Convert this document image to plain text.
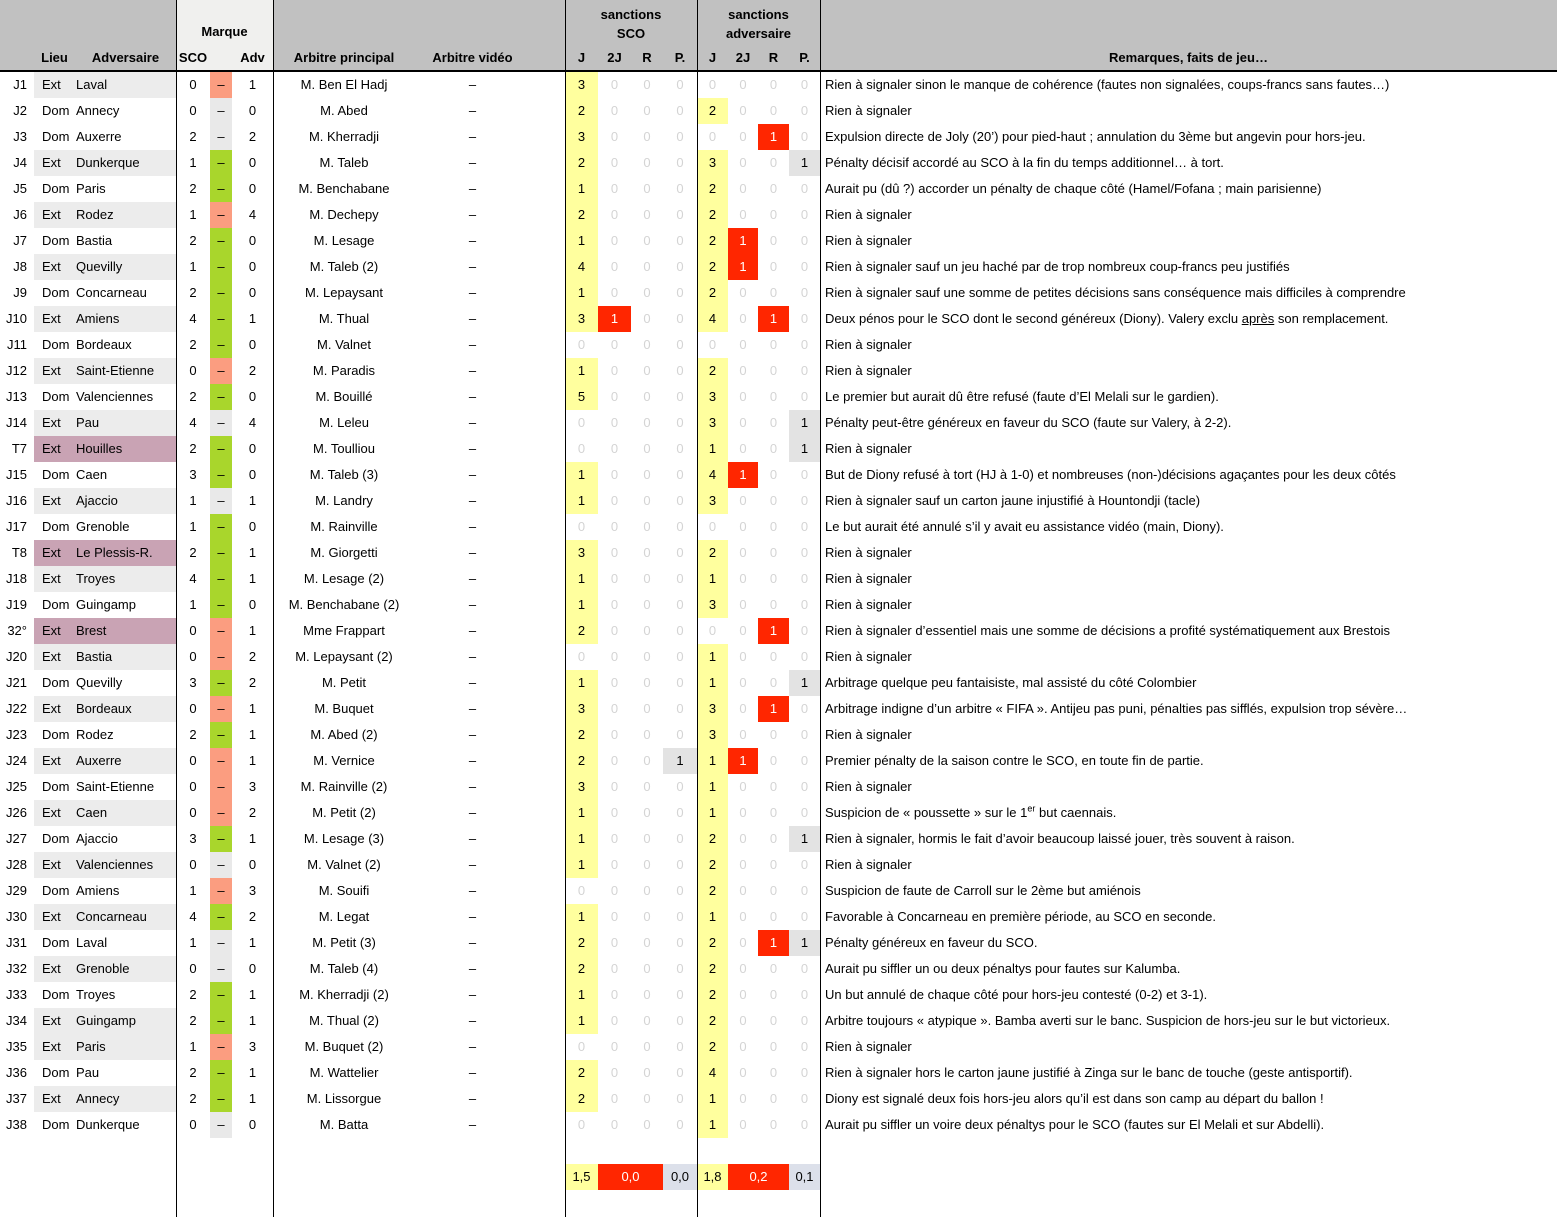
Marque
Lieu	Adversaire	SCO	Adv	Arbitre principal	Arbitre vidéo
sanctions
SCO
sanctions
adversaire
J	2J	R	P.	J	2J	R	P.	Remarques, faits de jeu…
J1	Ext	Laval	0	–	1	M. Ben El Hadj	–	3	0	0	0	0	0	0	0	Rien à signaler sinon le manque de cohérence (fautes non signalées, coups-francs sans fautes…)
J2	Dom Annecy	0	–	0	M. Abed	–	2	0	0	0	2	0	0	0	Rien à signaler
J3	Dom Auxerre	2	–	2	M. Kherradji	–	3	0	0	0	0	0	1	0	Expulsion directe de Joly (20’) pour pied-haut ; annulation du 3ème but angevin pour hors-jeu.
J4	Ext	Dunkerque	1	–	0	M. Taleb	–	2	0	0	0	3	0	0	1	Pénalty décisif accordé au SCO à la fin du temps additionnel… à tort.
J5	Dom Paris	2	–	0	M. Benchabane	–	1	0	0	0	2	0	0	0	Aurait pu (dû ?) accorder un pénalty de chaque côté (Hamel/Fofana ; main parisienne)
J6	Ext	Rodez	1	–	4	M. Dechepy	–	2	0	0	0	2	0	0	0	Rien à signaler
J7	Dom Bastia	2	–	0	M. Lesage	–	1	0	0	0	2	1	0	0	Rien à signaler
J8	Ext	Quevilly	1	–	0	M. Taleb (2)	–	4	0	0	0	2	1	0	0	Rien à signaler sauf un jeu haché par de trop nombreux coup-francs peu justifiés
J9	Dom Concarneau	2	–	0	M. Lepaysant	–	1	0	0	0	2	0	0	0	Rien à signaler sauf une somme de petites décisions sans conséquence mais difficiles à comprendre
J10	Ext	Amiens	4	–	1	M. Thual	–	3	1	0	0	4	0	1	0	Deux pénos pour le SCO dont le second généreux (Diony). Valery exclu après son remplacement.
J11	Dom Bordeaux	2	–	0	M. Valnet	–	0	0	0	0	0	0	0	0	Rien à signaler
J12	Ext	Saint-Etienne	0	–	2	M. Paradis	–	1	0	0	0	2	0	0	0	Rien à signaler
J13	Dom Valenciennes	2	–	0	M. Bouillé	–	5	0	0	0	3	0	0	0	Le premier but aurait dû être refusé (faute d’El Melali sur le gardien).
J14	Ext	Pau	4	–	4	M. Leleu	–	0	0	0	0	3	0	0	1	Pénalty peut-être généreux en faveur du SCO (faute sur Valery, à 2-2).
T7	Ext	Houilles	2	–	0	M. Toulliou	–	0	0	0	0	1	0	0	1	Rien à signaler
J15	Dom Caen	3	–	0	M. Taleb (3)	–	1	0	0	0	4	1	0	0	But de Diony refusé à tort (HJ à 1-0) et nombreuses (non-)décisions agaçantes pour les deux côtés
J16	Ext	Ajaccio	1	–	1	M. Landry	–	1	0	0	0	3	0	0	0	Rien à signaler sauf un carton jaune injustifié à Hountondji (tacle)
J17	Dom Grenoble	1	–	0	M. Rainville	–	0	0	0	0	0	0	0	0	Le but aurait été annulé s’il y avait eu assistance vidéo (main, Diony).
T8	Ext	Le Plessis-R.	2	–	1	M. Giorgetti	–	3	0	0	0	2	0	0	0	Rien à signaler
J18	Ext	Troyes	4	–	1	M. Lesage (2)	–	1	0	0	0	1	0	0	0	Rien à signaler
J19	Dom Guingamp	1	–	0	M. Benchabane (2)	–	1	0	0	0	3	0	0	0	Rien à signaler
32°	Ext	Brest	0	–	1	Mme Frappart	–	2	0	0	0	0	0	1	0	Rien à signaler d’essentiel mais une somme de décisions a profité systématiquement aux Brestois
J20	Ext	Bastia	0	–	2	M. Lepaysant (2)	–	0	0	0	0	1	0	0	0	Rien à signaler
J21	Dom Quevilly	3	–	2	M. Petit	–	1	0	0	0	1	0	0	1	Arbitrage quelque peu fantaisiste, mal assisté du côté Colombier
J22	Ext	Bordeaux	0	–	1	M. Buquet	–	3	0	0	0	3	0	1	0	Arbitrage indigne d’un arbitre « FIFA ». Antijeu pas puni, pénalties pas sifflés, expulsion trop sévère…
J23	Dom Rodez	2	–	1	M. Abed (2)	–	2	0	0	0	3	0	0	0	Rien à signaler
J24	Ext	Auxerre	0	–	1	M. Vernice	–	2	0	0	1	1	1	0	0	Premier pénalty de la saison contre le SCO, en toute fin de partie.
J25	Dom Saint-Etienne	0	–	3	M. Rainville (2)	–	3	0	0	0	1	0	0	0	Rien à signaler
J26	Ext	Caen	0	–	2	M. Petit (2)	–	1	0	0	0	1	0	0	0	Suspicion de « poussette » sur le 1er but caennais.
J27	Dom Ajaccio	3	–	1	M. Lesage (3)	–	1	0	0	0	2	0	0	1	Rien à signaler, hormis le fait d’avoir beaucoup laissé jouer, très souvent à raison.
J28	Ext	Valenciennes	0	–	0	M. Valnet (2)	–	1	0	0	0	2	0	0	0	Rien à signaler
J29	Dom Amiens	1	–	3	M. Souifi	–	0	0	0	0	2	0	0	0	Suspicion de faute de Carroll sur le 2ème but amiénois
J30	Ext	Concarneau	4	–	2	M. Legat	–	1	0	0	0	1	0	0	0	Favorable à Concarneau en première période, au SCO en seconde.
J31	Dom Laval	1	–	1	M. Petit (3)	–	2	0	0	0	2	0	1	1	Pénalty généreux en faveur du SCO.
J32	Ext	Grenoble	0	–	0	M. Taleb (4)	–	2	0	0	0	2	0	0	0	Aurait pu siffler un ou deux pénaltys pour fautes sur Kalumba.
J33	Dom Troyes	2	–	1	M. Kherradji (2)	–	1	0	0	0	2	0	0	0	Un but annulé de chaque côté pour hors-jeu contesté (0-2) et 3-1).
J34	Ext	Guingamp	2	–	1	M. Thual (2)	–	1	0	0	0	2	0	0	0	Arbitre toujours « atypique ». Bamba averti sur le banc. Suspicion de hors-jeu sur le but victorieux.
J35	Ext	Paris	1	–	3	M. Buquet (2)	–	0	0	0	0	2	0	0	0	Rien à signaler
J36	Dom Pau	2	–	1	M. Wattelier	–	2	0	0	0	4	0	0	0	Rien à signaler hors le carton jaune justifié à Zinga sur le banc de touche (geste antisportif).
J37	Ext	Annecy	2	–	1	M. Lissorgue	–	2	0	0	0	1	0	0	0	Diony est signalé deux fois hors-jeu alors qu’il est dans son camp au départ du ballon !
J38	Dom Dunkerque	0	–	0	M. Batta	–	0	0	0	0	1	0	0	0	Aurait pu siffler un voire deux pénaltys pour le SCO (fautes sur El Melali et sur Abdelli).
1,5	0,0	0,0	1,8	0,2	0,1
